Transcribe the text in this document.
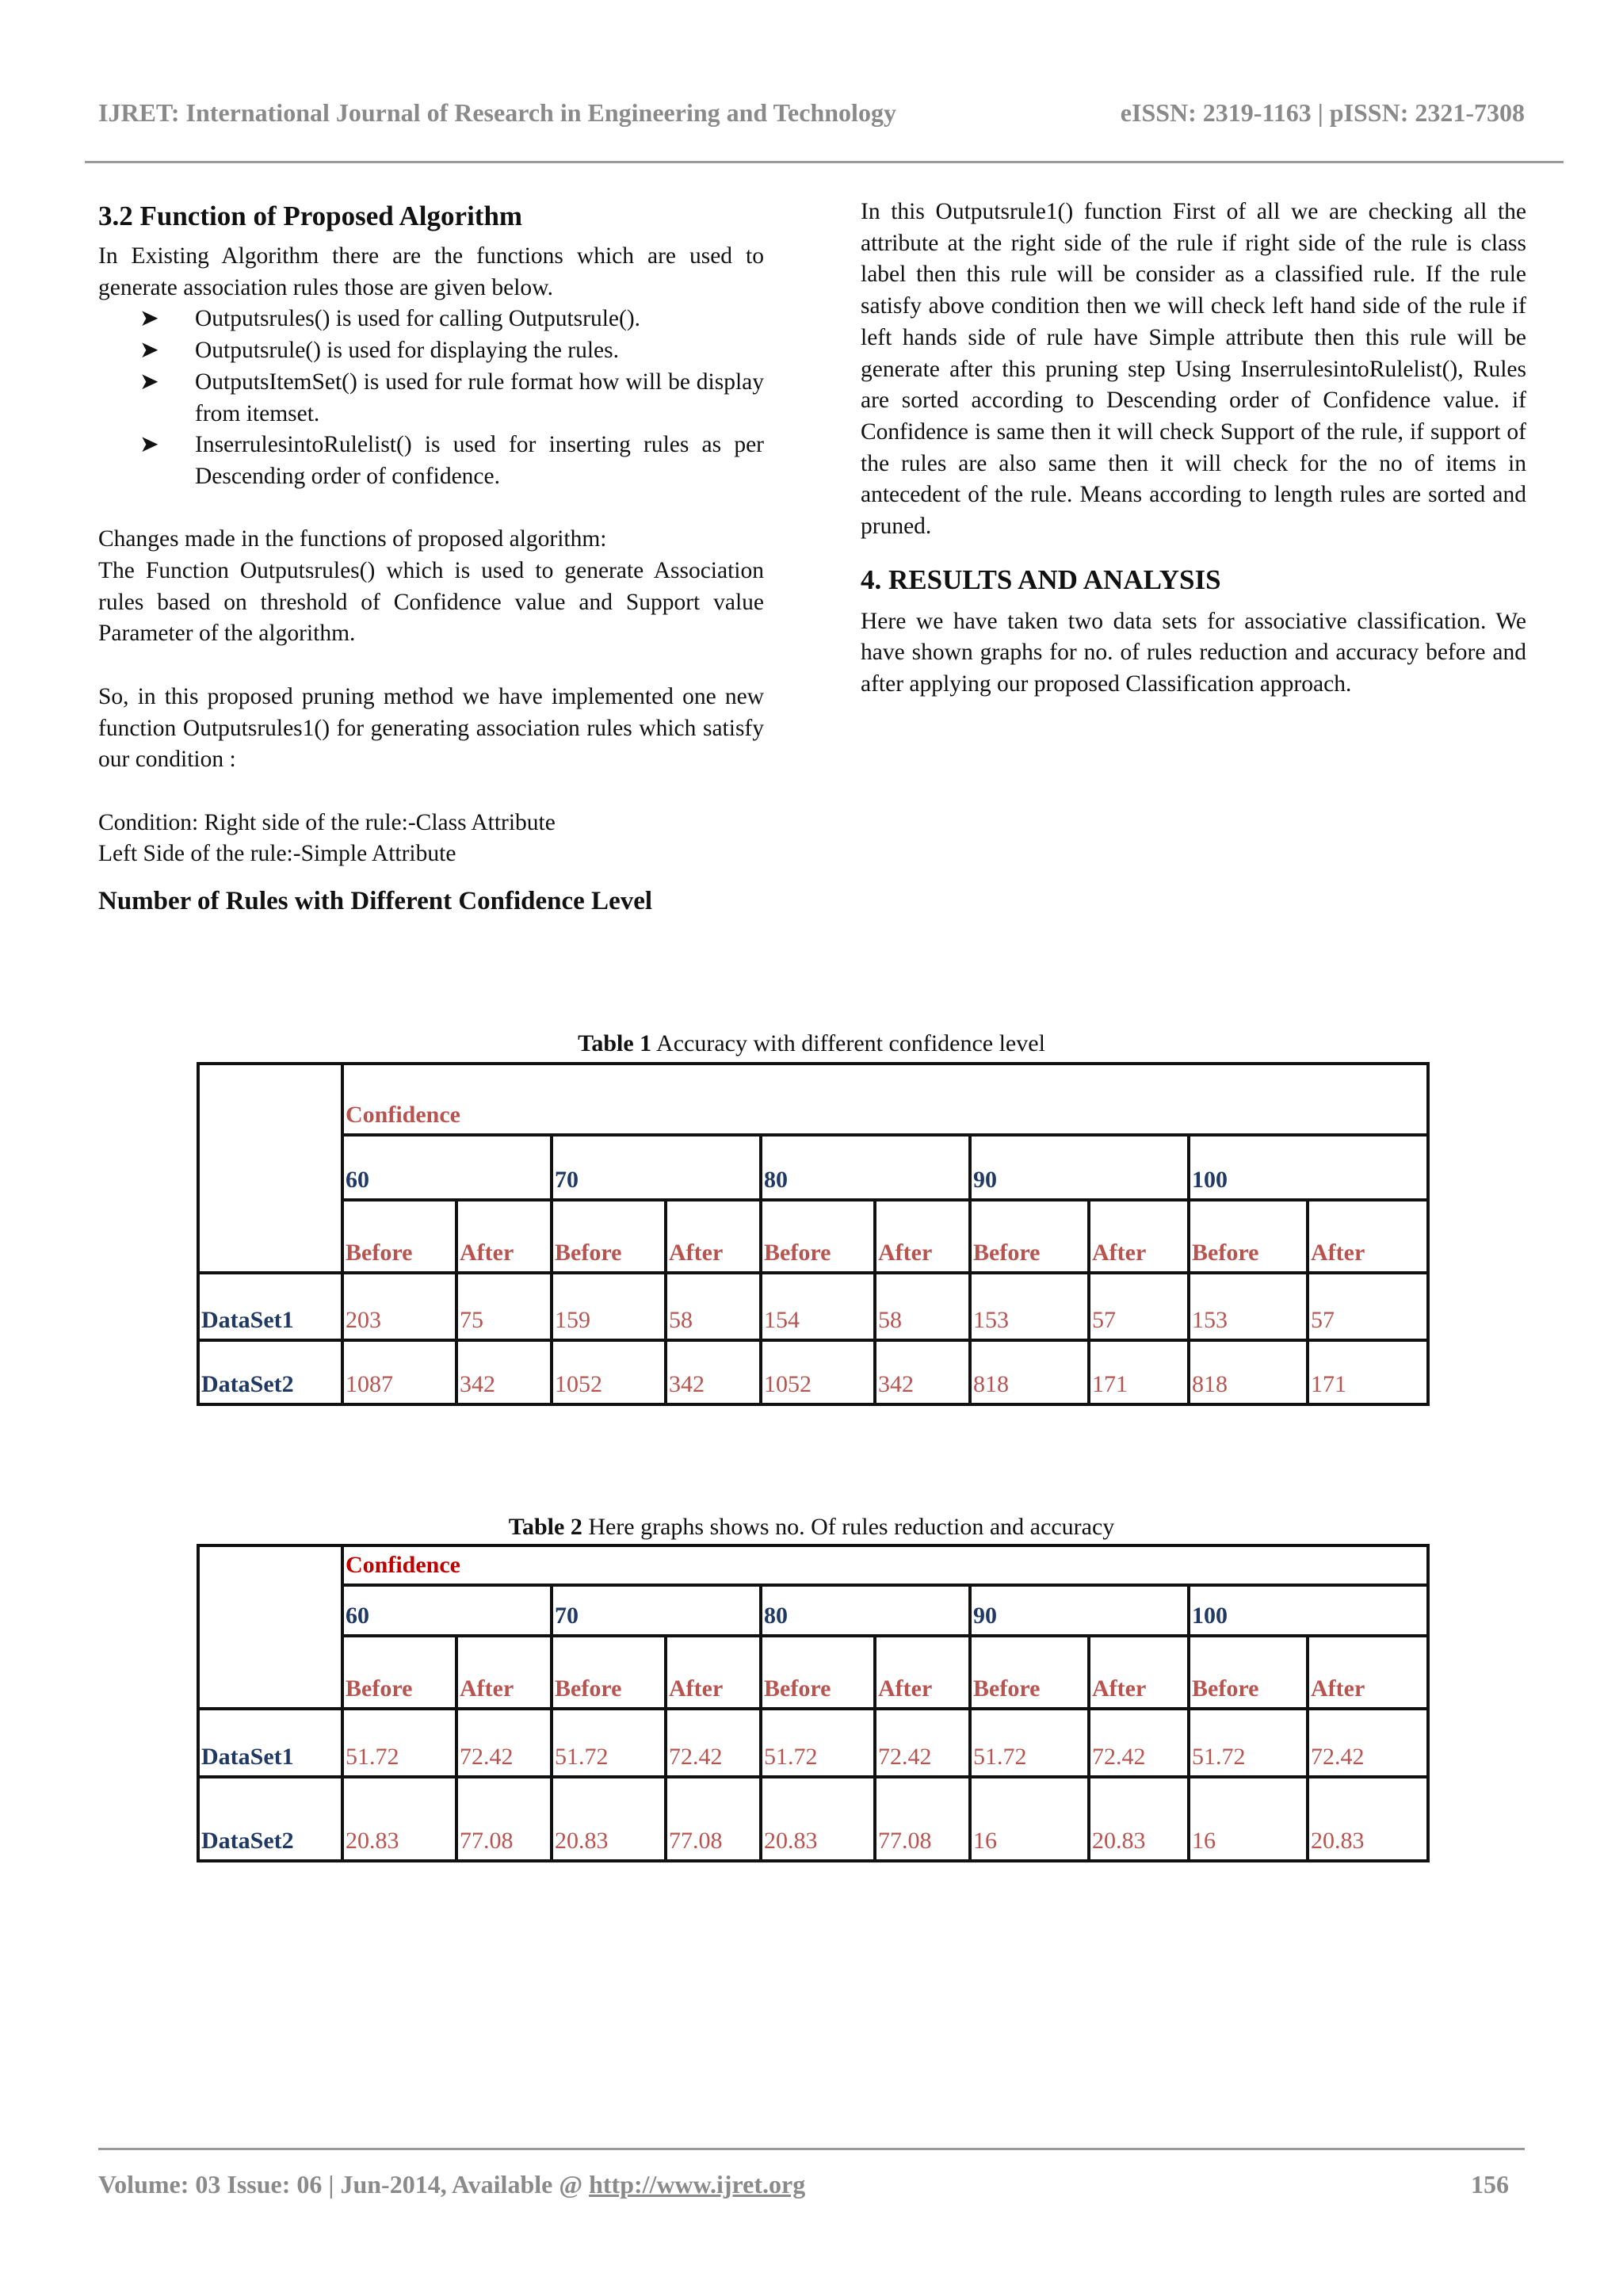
IJRET: International Journal of Research in Engineering and Technology	eISSN: 2319-1163 | pISSN: 2321-7308
3.2 Function of Proposed Algorithm

In Existing Algorithm there are the functions which are used to generate association rules those are given below.

➤ Outputsrules() is used for calling Outputsrule().
➤ Outputsrule() is used for displaying the rules.
➤ OutputsItemSet() is used for rule format how will be display from itemset.
➤ InserrulesintoRulelist() is used for inserting rules as per Descending order of confidence.

Changes made in the functions of proposed algorithm:

The Function Outputsrules() which is used to generate Association rules based on threshold of Confidence value and Support value Parameter of the algorithm.

So, in this proposed pruning method we have implemented one new function Outputsrules1() for generating association rules which satisfy our condition :

Condition: Right side of the rule:-Class Attribute

Left Side of the rule:-Simple Attribute

Number of Rules with Different Confidence Level

In this Outputsrule1() function First of all we are checking all the attribute at the right side of the rule if right side of the rule is class label then this rule will be consider as a classified rule. If the rule satisfy above condition then we will check left hand side of the rule if left hands side of rule have Simple attribute then this rule will be generate after this pruning step Using InserrulesintoRulelist(), Rules are sorted according to Descending order of Confidence value. if Confidence is same then it will check Support of the rule, if support of the rules are also same then it will check for the no of items in antecedent of the rule. Means according to length rules are sorted and pruned.

4. RESULTS AND ANALYSIS

Here we have taken two data sets for associative classification. We have shown graphs for no. of rules reduction and accuracy before and after applying our proposed Classification approach.

Table 1 Accuracy with different confidence level
	Confidence									
	60		70		80		90		100	
	Before	After	Before	After	Before	After	Before	After	Before	After
DataSet1	203	75	159	58	154	58	153	57	153	57
DataSet2	1087	342	1052	342	1052	342	818	171	818	171
Table 2 Here graphs shows no. Of rules reduction and accuracy
	Confidence									
	60		70		80		90		100	
	Before	After	Before	After	Before	After	Before	After	Before	After
DataSet1	51.72	72.42	51.72	72.42	51.72	72.42	51.72	72.42	51.72	72.42
DataSet2	20.83	77.08	20.83	77.08	20.83	77.08	16	20.83	16	20.83
Volume: 03 Issue: 06 | Jun-2014, Available @ http://www.ijret.org	156
